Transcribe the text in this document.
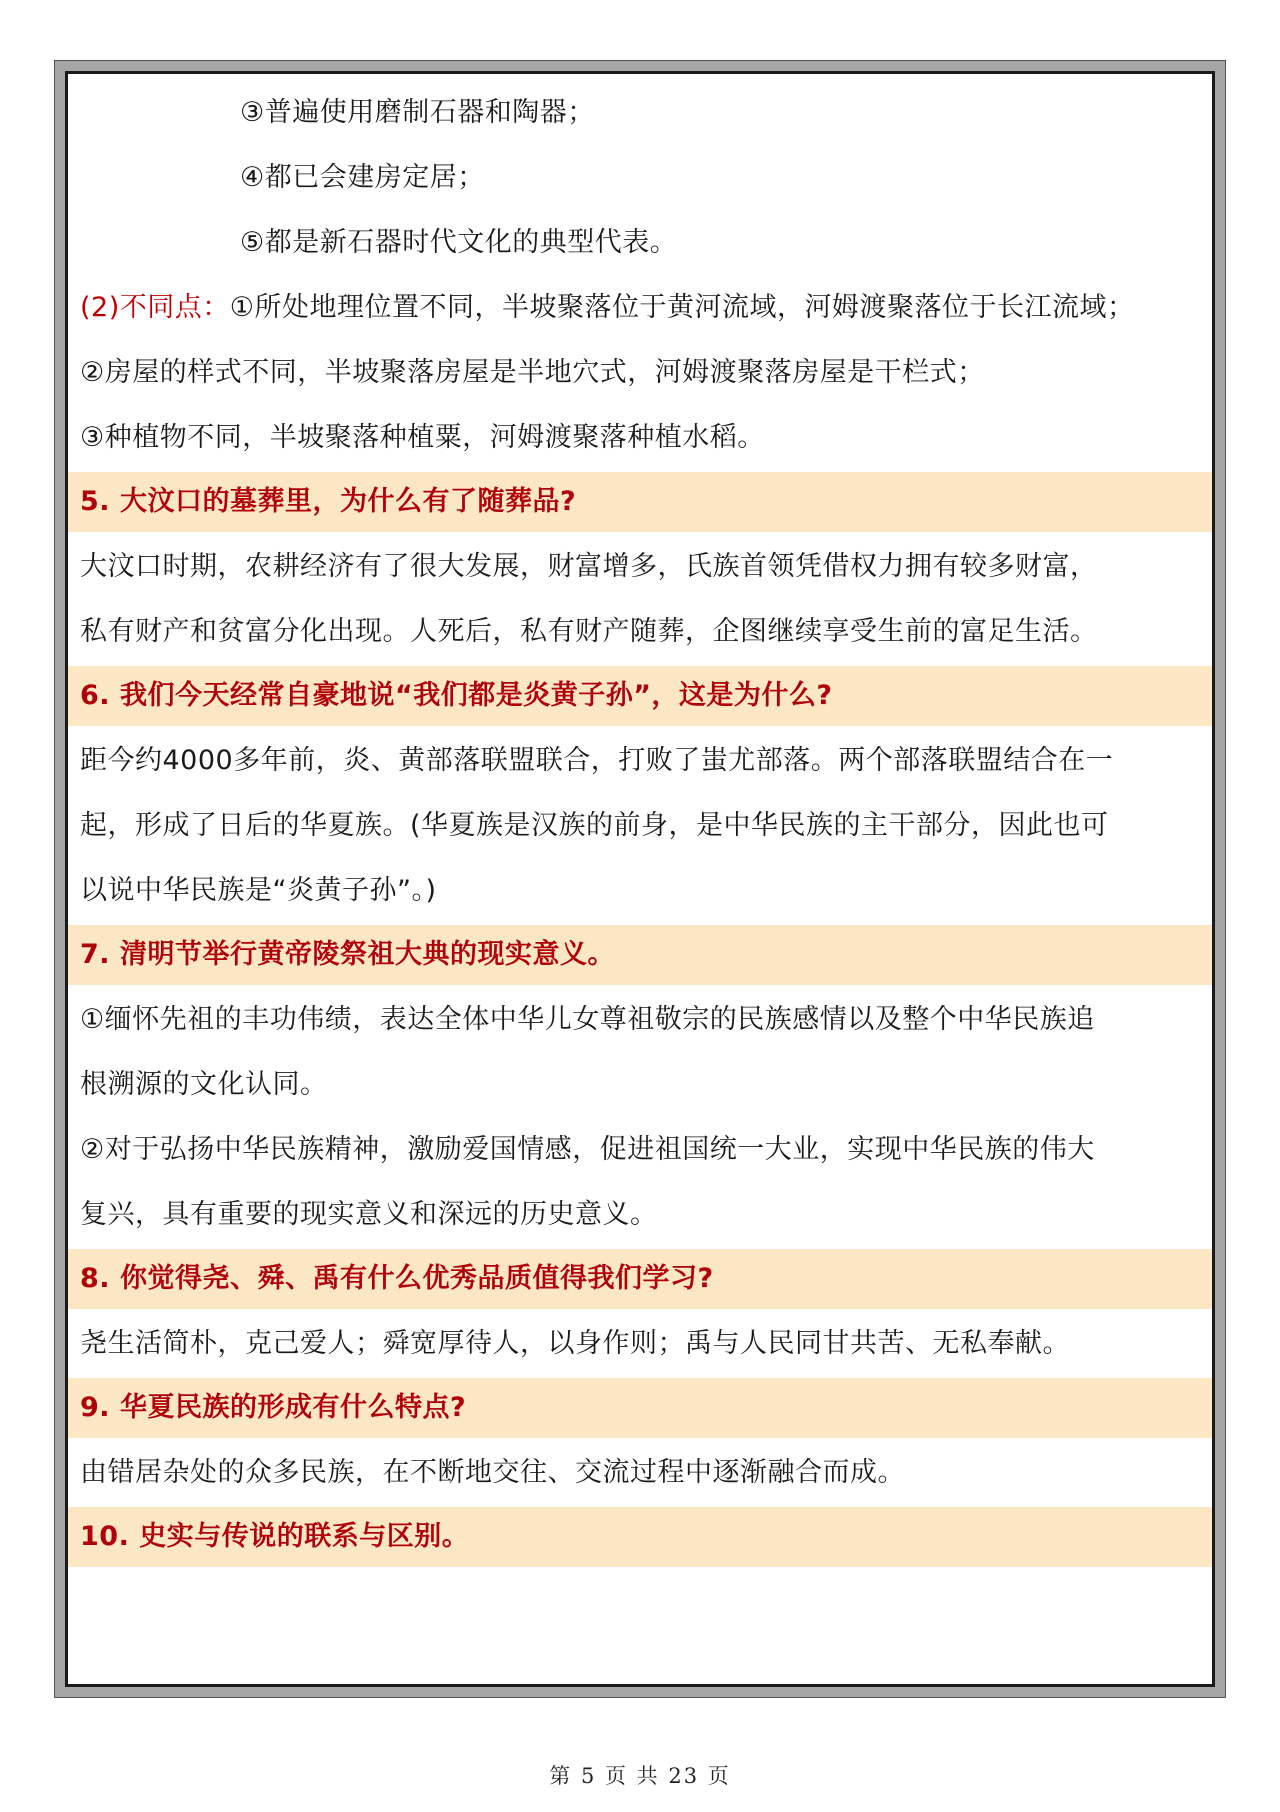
③普遍使用磨制石器和陶器；
④都已会建房定居；
⑤都是新石器时代文化的典型代表。
(2)不同点：①所处地理位置不同，半坡聚落位于黄河流域，河姆渡聚落位于长江流域；
②房屋的样式不同，半坡聚落房屋是半地穴式，河姆渡聚落房屋是干栏式；
③种植物不同，半坡聚落种植粟，河姆渡聚落种植水稻。
5. 大汶口的墓葬里，为什么有了随葬品?
大汶口时期，农耕经济有了很大发展，财富增多，氏族首领凭借权力拥有较多财富，
私有财产和贫富分化出现。人死后，私有财产随葬，企图继续享受生前的富足生活。
6. 我们今天经常自豪地说“我们都是炎黄子孙”，这是为什么?
距今约4000多年前，炎、黄部落联盟联合，打败了蚩尤部落。两个部落联盟结合在一
起，形成了日后的华夏族。(华夏族是汉族的前身，是中华民族的主干部分，因此也可
以说中华民族是“炎黄子孙”。)
7. 清明节举行黄帝陵祭祖大典的现实意义。
①缅怀先祖的丰功伟绩，表达全体中华儿女尊祖敬宗的民族感情以及整个中华民族追
根溯源的文化认同。
②对于弘扬中华民族精神，激励爱国情感，促进祖国统一大业，实现中华民族的伟大
复兴，具有重要的现实意义和深远的历史意义。
8. 你觉得尧、舜、禹有什么优秀品质值得我们学习?
尧生活简朴，克己爱人；舜宽厚待人，以身作则；禹与人民同甘共苦、无私奉献。
9. 华夏民族的形成有什么特点?
由错居杂处的众多民族，在不断地交往、交流过程中逐渐融合而成。
10. 史实与传说的联系与区别。
第 5 页 共 23 页
